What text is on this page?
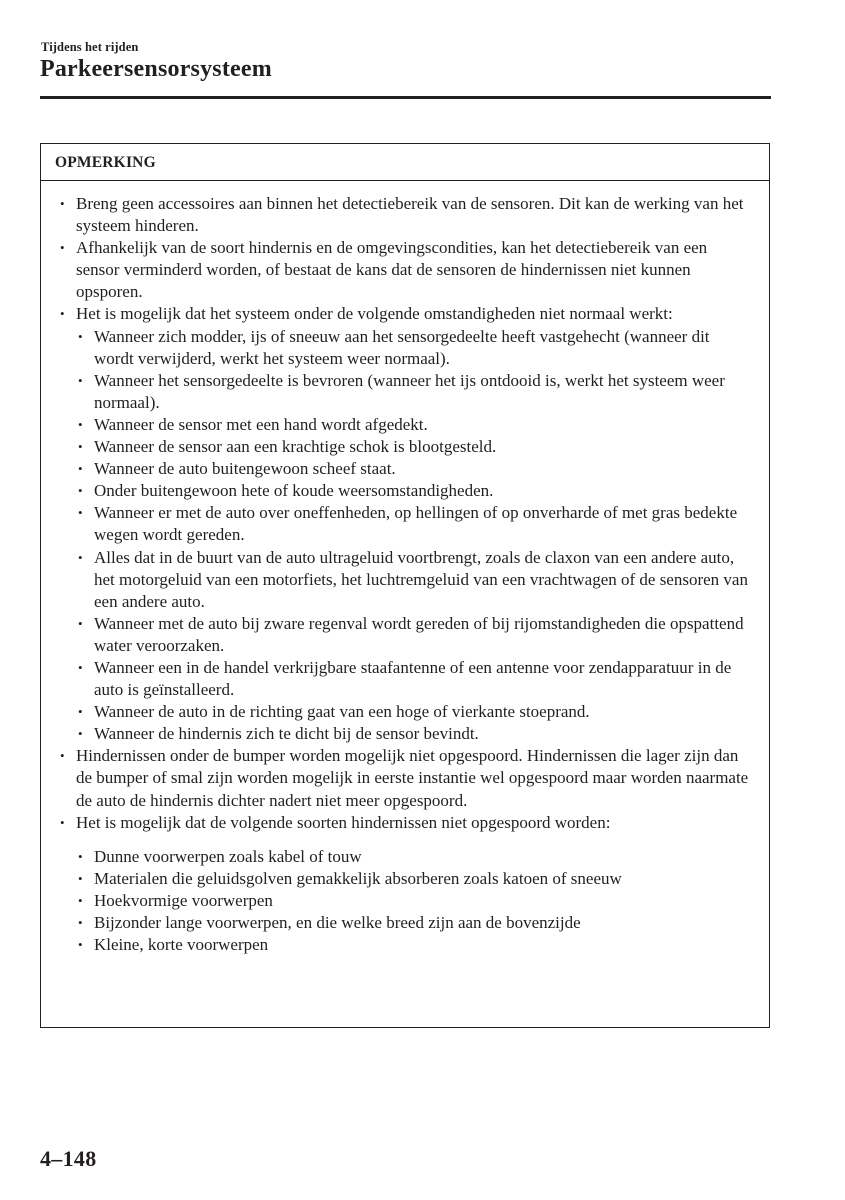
Tijdens het rijden
Parkeersensorsysteem
OPMERKING
• Breng geen accessoires aan binnen het detectiebereik van de sensoren. Dit kan de werking van het systeem hinderen.
• Afhankelijk van de soort hindernis en de omgevingscondities, kan het detectiebereik van een sensor verminderd worden, of bestaat de kans dat de sensoren de hindernissen niet kunnen opsporen.
• Het is mogelijk dat het systeem onder de volgende omstandigheden niet normaal werkt:
• Wanneer zich modder, ijs of sneeuw aan het sensorgedeelte heeft vastgehecht (wanneer dit wordt verwijderd, werkt het systeem weer normaal).
• Wanneer het sensorgedeelte is bevroren (wanneer het ijs ontdooid is, werkt het systeem weer normaal).
• Wanneer de sensor met een hand wordt afgedekt.
• Wanneer de sensor aan een krachtige schok is blootgesteld.
• Wanneer de auto buitengewoon scheef staat.
• Onder buitengewoon hete of koude weersomstandigheden.
• Wanneer er met de auto over oneffenheden, op hellingen of op onverharde of met gras bedekte wegen wordt gereden.
• Alles dat in de buurt van de auto ultrageluid voortbrengt, zoals de claxon van een andere auto, het motorgeluid van een motorfiets, het luchtremgeluid van een vrachtwagen of de sensoren van een andere auto.
• Wanneer met de auto bij zware regenval wordt gereden of bij rijomstandigheden die opspattend water veroorzaken.
• Wanneer een in de handel verkrijgbare staafantenne of een antenne voor zendapparatuur in de auto is geïnstalleerd.
• Wanneer de auto in de richting gaat van een hoge of vierkante stoeprand.
• Wanneer de hindernis zich te dicht bij de sensor bevindt.
• Hindernissen onder de bumper worden mogelijk niet opgespoord. Hindernissen die lager zijn dan de bumper of smal zijn worden mogelijk in eerste instantie wel opgespoord maar worden naarmate de auto de hindernis dichter nadert niet meer opgespoord.
• Het is mogelijk dat de volgende soorten hindernissen niet opgespoord worden:
• Dunne voorwerpen zoals kabel of touw
• Materialen die geluidsgolven gemakkelijk absorberen zoals katoen of sneeuw
• Hoekvormige voorwerpen
• Bijzonder lange voorwerpen, en die welke breed zijn aan de bovenzijde
• Kleine, korte voorwerpen
4–148
